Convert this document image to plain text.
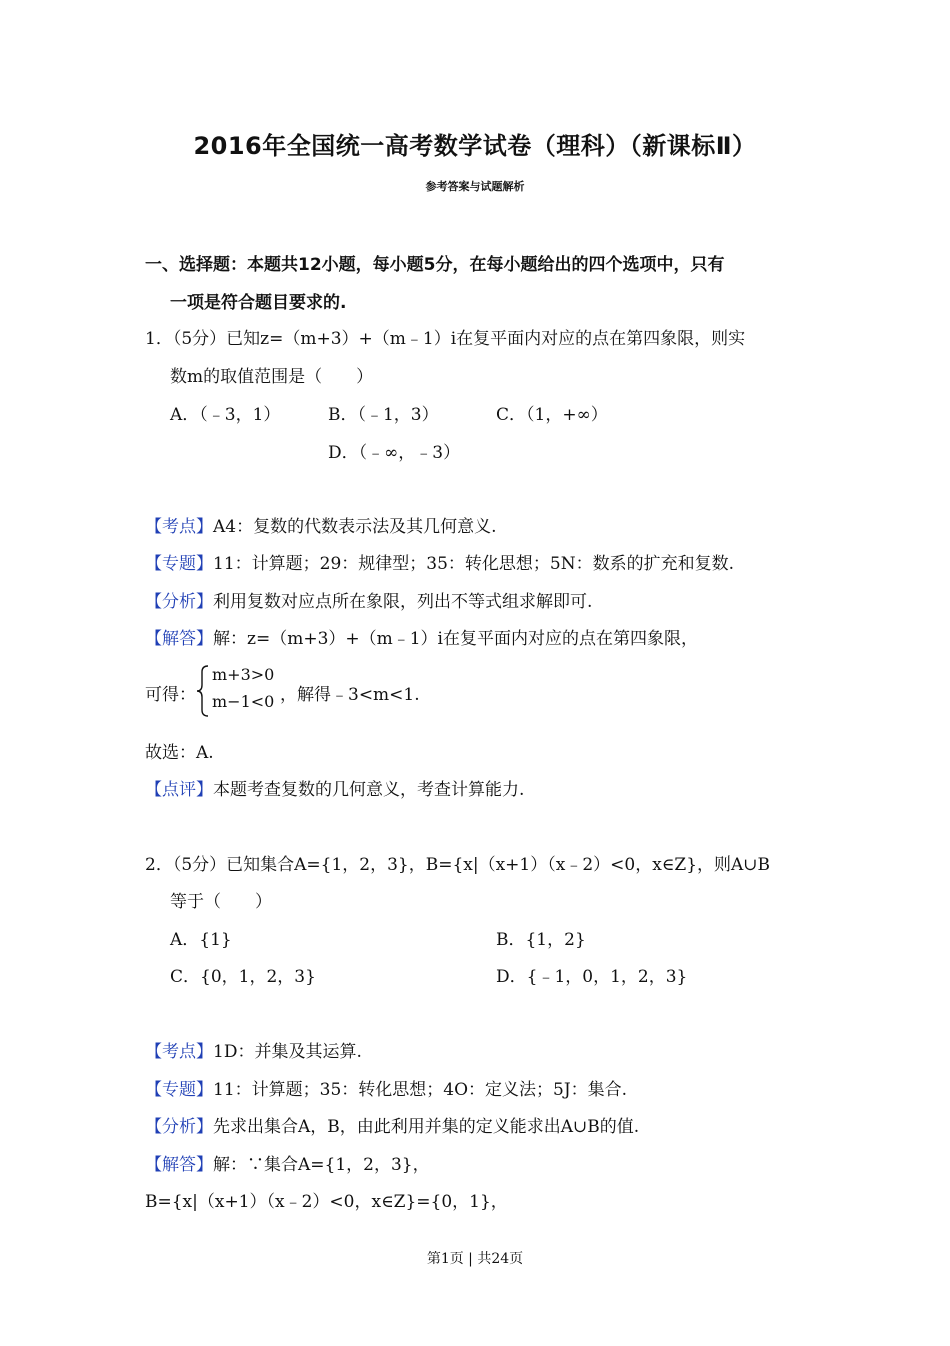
2016年全国统一高考数学试卷（理科）（新课标Ⅱ）
参考答案与试题解析
一、选择题：本题共12小题，每小题5分，在每小题给出的四个选项中，只有
一项是符合题目要求的.
1．（5分）已知z=（m+3）+（m﹣1）i在复平面内对应的点在第四象限，则实
数m的取值范围是（　　）
A．（﹣3，1）	B．（﹣1，3）	C．（1，+∞）
D．（﹣∞，﹣3）
【考点】A4：复数的代数表示法及其几何意义.
【专题】11：计算题；29：规律型；35：转化思想；5N：数系的扩充和复数.
【分析】利用复数对应点所在象限，列出不等式组求解即可.
【解答】解：z=（m+3）+（m﹣1）i在复平面内对应的点在第四象限，
可得：
m+3>0
m−1<0 ，解得﹣3<m<1.
故选：A.
【点评】本题考查复数的几何意义，考查计算能力.
2．（5分）已知集合A={1，2，3}，B={x|（x+1）（x﹣2）<0，x∈Z}，则A∪B
等于（　　）
A．{1}	B．{1，2}
C．{0，1，2，3}	D．{﹣1，0，1，2，3}
【考点】1D：并集及其运算.
【专题】11：计算题；35：转化思想；4O：定义法；5J：集合.
【分析】先求出集合A，B，由此利用并集的定义能求出A∪B的值.
【解答】解：∵集合A={1，2，3}，
B={x|（x+1）（x﹣2）<0，x∈Z}={0，1}，
第1页 | 共24页
